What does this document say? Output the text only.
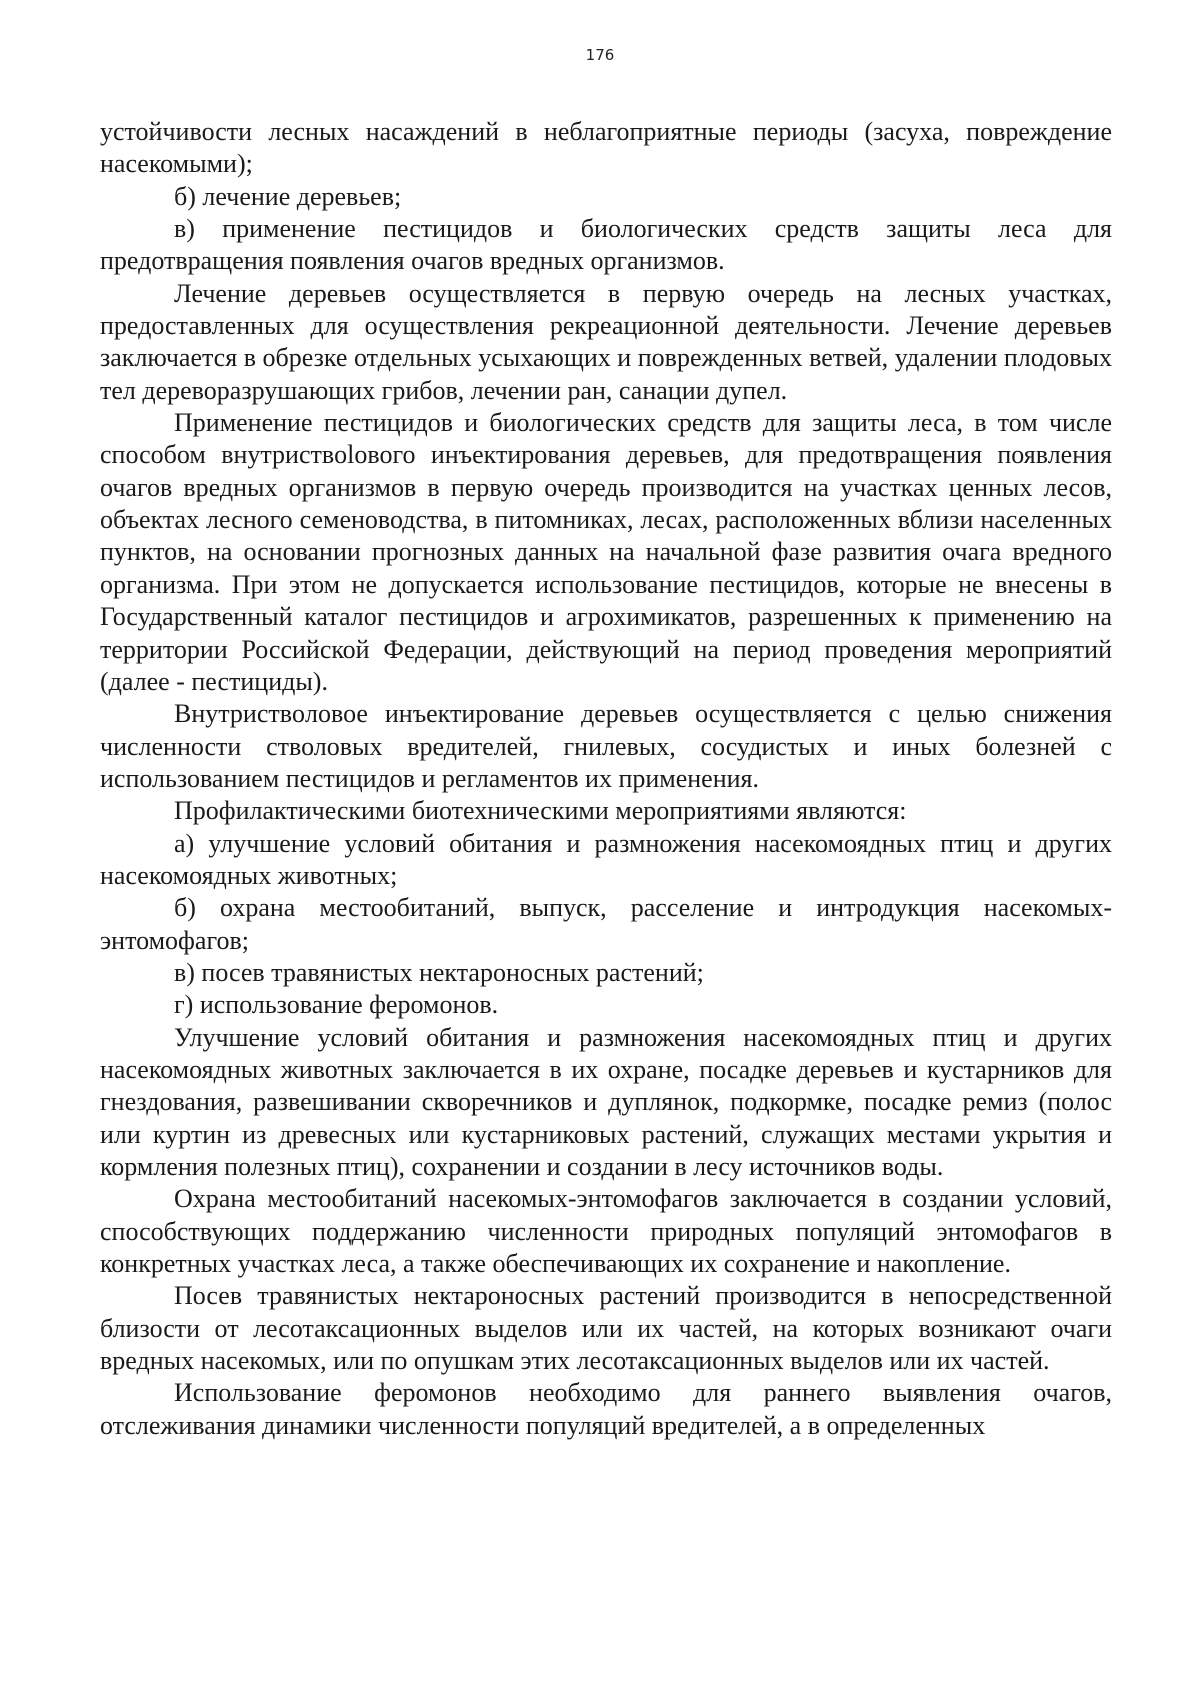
176

устойчивости лесных насаждений в неблагоприятные периоды (засуха, повреждение насекомыми);

б) лечение деревьев;

в) применение пестицидов и биологических средств защиты леса для предотвращения появления очагов вредных организмов.

Лечение деревьев осуществляется в первую очередь на лесных участках, предоставленных для осуществления рекреационной деятельности. Лечение деревьев заключается в обрезке отдельных усыхающих и поврежденных ветвей, удалении плодовых тел дереворазрушающих грибов, лечении ран, санации дупел.

Применение пестицидов и биологических средств для защиты леса, в том числе способом внутриствolового инъектирования деревьев, для предотвращения появления очагов вредных организмов в первую очередь производится на участках ценных лесов, объектах лесного семеноводства, в питомниках, лесах, расположенных вблизи населенных пунктов, на основании прогнозных данных на начальной фазе развития очага вредного организма. При этом не допускается использование пестицидов, которые не внесены в Государственный каталог пестицидов и агрохимикатов, разрешенных к применению на территории Российской Федерации, действующий на период проведения мероприятий (далее - пестициды).

Внутриствoловое инъектирование деревьев осуществляется с целью снижения численности стволовых вредителей, гнилевых, сосудистых и иных болезней с использованием пестицидов и регламентов их применения.

Профилактическими биотехническими мероприятиями являются:

а) улучшение условий обитания и размножения насекомоядных птиц и других насекомоядных животных;

б) охрана местообитаний, выпуск, расселение и интродукция насекомых-энтомофагов;

в) посев травянистых нектароносных растений;

г) использование феромонов.

Улучшение условий обитания и размножения насекомоядных птиц и других насекомоядных животных заключается в их охране, посадке деревьев и кустарников для гнездования, развешивании скворечников и дуплянок, подкормке, посадке ремиз (полос или куртин из древесных или кустарниковых растений, служащих местами укрытия и кормления полезных птиц), сохранении и создании в лесу источников воды.

Охрана местообитаний насекомых-энтомофагов заключается в создании условий, способствующих поддержанию численности природных популяций энтомофагов в конкретных участках леса, а также обеспечивающих их сохранение и накопление.

Посев травянистых нектароносных растений производится в непосредственной близости от лесотаксационных выделов или их частей, на которых возникают очаги вредных насекомых, или по опушкам этих лесотаксационных выделов или их частей.

Использование феромонов необходимо для раннего выявления очагов, отслеживания динамики численности популяций вредителей, а в определенных
